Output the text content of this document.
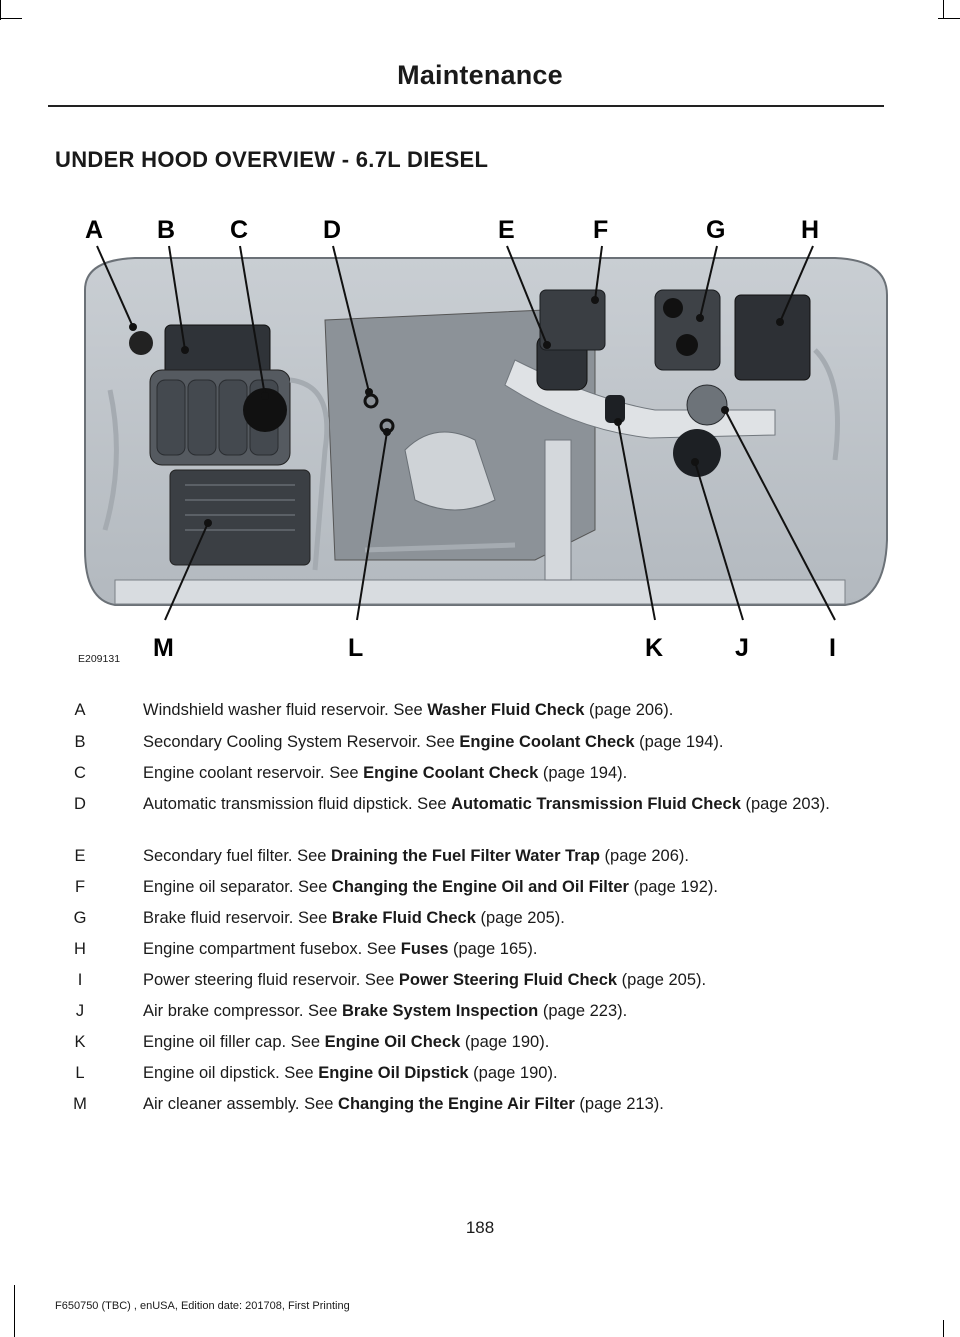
Maintenance
UNDER HOOD OVERVIEW - 6.7L DIESEL
A B C	D	E	F	G	H
M	L	K	J	I
E209131
A	Windshield washer fluid reservoir. See Washer Fluid Check (page 206).
B	Secondary Cooling System Reservoir. See Engine Coolant Check (page 194).
C	Engine coolant reservoir. See Engine Coolant Check (page 194).
D	Automatic transmission fluid dipstick. See Automatic Transmission Fluid Check (page 203).
E	Secondary fuel filter. See Draining the Fuel Filter Water Trap (page 206).
F	Engine oil separator. See Changing the Engine Oil and Oil Filter (page 192).
G	Brake fluid reservoir. See Brake Fluid Check (page 205).
H	Engine compartment fusebox. See Fuses (page 165).
I	Power steering fluid reservoir. See Power Steering Fluid Check (page 205).
J	Air brake compressor. See Brake System Inspection (page 223).
K	Engine oil filler cap. See Engine Oil Check (page 190).
L	Engine oil dipstick. See Engine Oil Dipstick (page 190).
M	Air cleaner assembly. See Changing the Engine Air Filter (page 213).
188
F650750 (TBC) , enUSA, Edition date: 201708, First Printing
